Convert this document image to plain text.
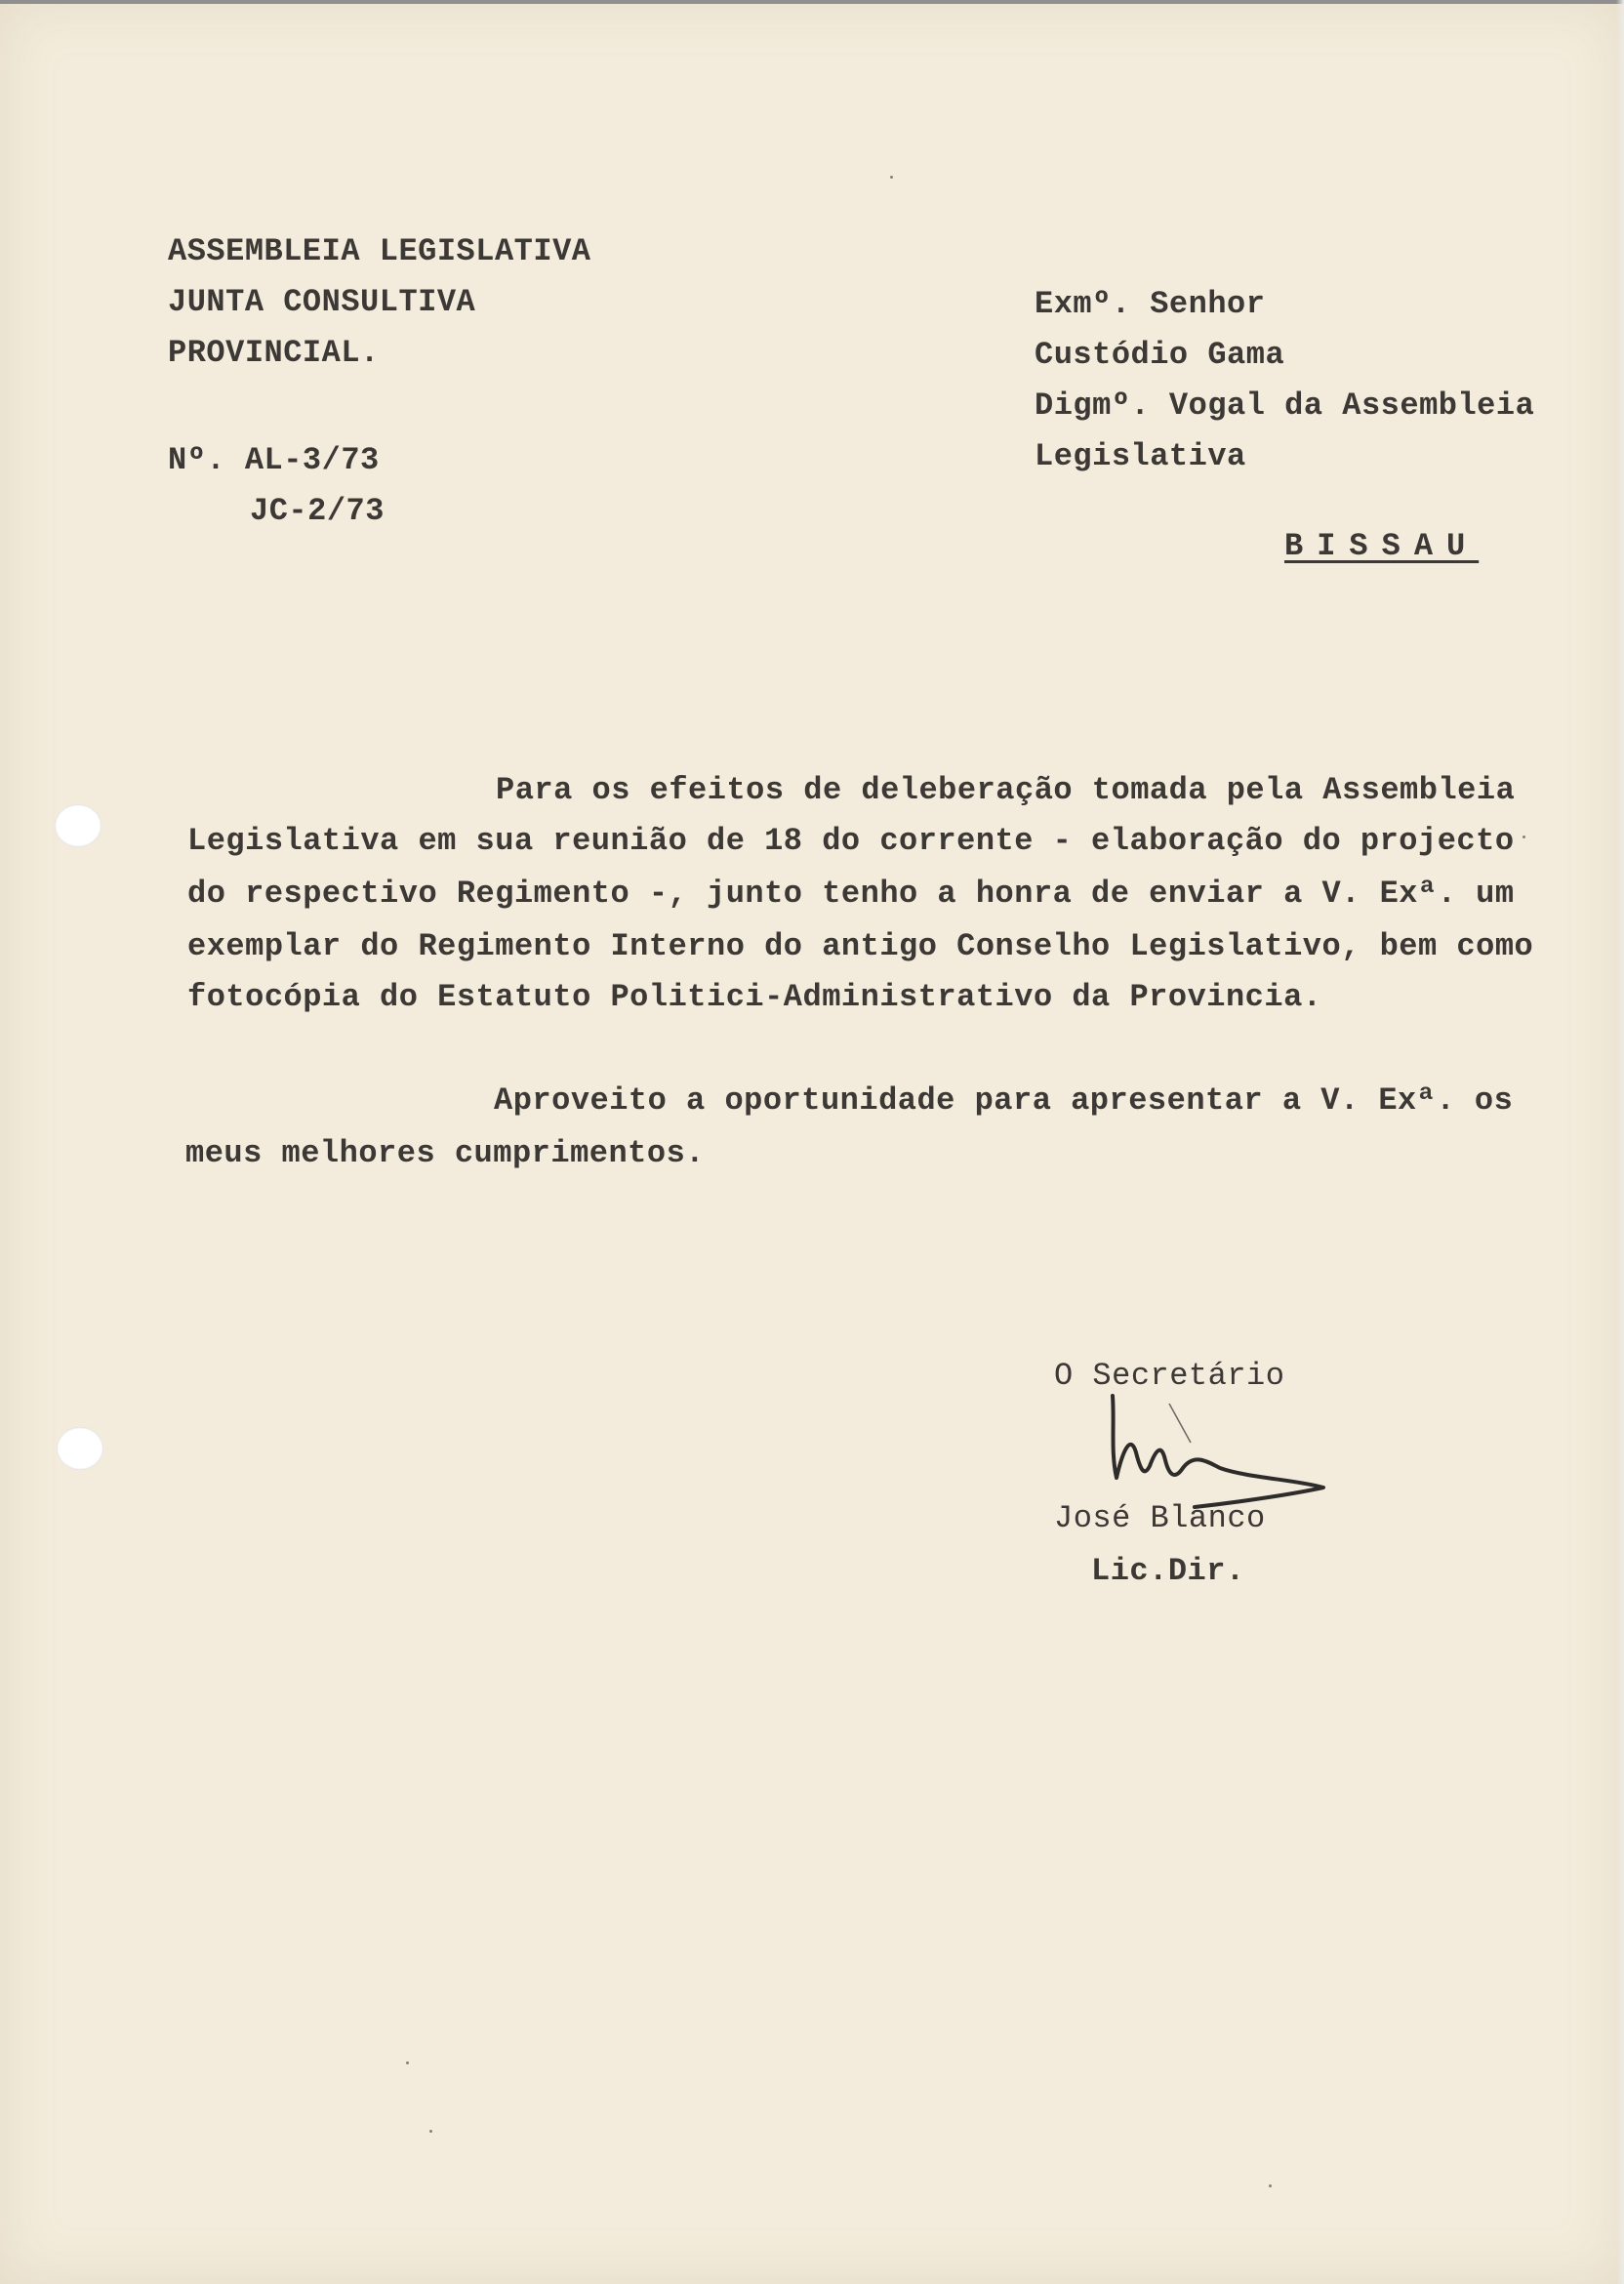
ASSEMBLEIA LEGISLATIVA
JUNTA CONSULTIVA
PROVINCIAL.
Nº. AL-3/73
JC-2/73
Exmº. Senhor
Custódio Gama
Digmº. Vogal da Assembleia
Legislativa
BISSAU
Para os efeitos de deleberação tomada pela Assembleia
Legislativa em sua reunião de 18 do corrente - elaboração do projecto
do respectivo Regimento -, junto tenho a honra de enviar a V. Exª. um
exemplar do Regimento Interno do antigo Conselho Legislativo, bem como
fotocópia do Estatuto Politici-Administrativo da Provincia.
Aproveito a oportunidade para apresentar a V. Exª. os
meus melhores cumprimentos.
O Secretário
José Blanco
Lic.Dir.
